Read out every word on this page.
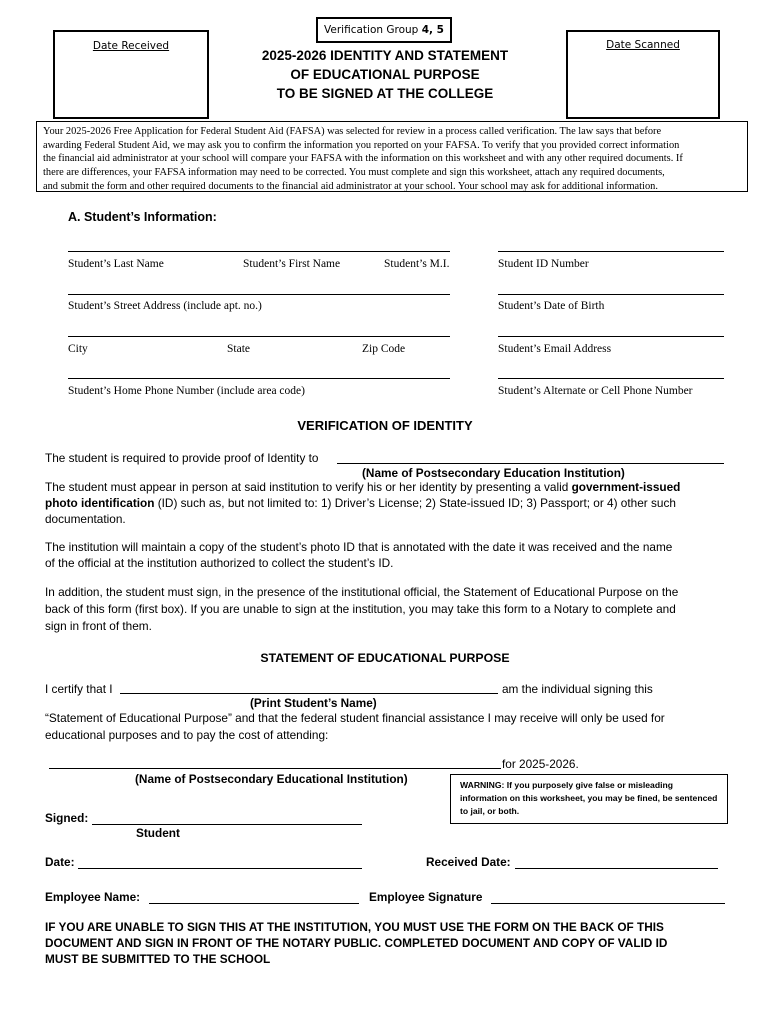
Verification Group 4, 5
Date Received	Date Scanned
2025-2026 IDENTITY AND STATEMENT
OF EDUCATIONAL PURPOSE
TO BE SIGNED AT THE COLLEGE
Your 2025-2026 Free Application for Federal Student Aid (FAFSA) was selected for review in a process called verification. The law says that before
awarding Federal Student Aid, we may ask you to confirm the information you reported on your FAFSA. To verify that you provided correct information
the financial aid administrator at your school will compare your FAFSA with the information on this worksheet and with any other required documents. If
there are differences, your FAFSA information may need to be corrected. You must complete and sign this worksheet, attach any required documents,
and submit the form and other required documents to the financial aid administrator at your school. Your school may ask for additional information.
A. Student’s Information:
Student’s Last Name	Student’s First Name	Student’s M.I.	Student ID Number
Student’s Street Address (include apt. no.)	Student’s Date of Birth
City	State	Zip Code	Student’s Email Address
Student’s Home Phone Number (include area code)	Student’s Alternate or Cell Phone Number
VERIFICATION OF IDENTITY
The student is required to provide proof of Identity to
(Name of Postsecondary Education Institution)
The student must appear in person at said institution to verify his or her identity by presenting a valid government-issued
photo identification (ID) such as, but not limited to: 1) Driver’s License; 2) State-issued ID; 3) Passport; or 4) other such
documentation.
The institution will maintain a copy of the student’s photo ID that is annotated with the date it was received and the name
of the official at the institution authorized to collect the student’s ID.
In addition, the student must sign, in the presence of the institutional official, the Statement of Educational Purpose on the
back of this form (first box). If you are unable to sign at the institution, you may take this form to a Notary to complete and
sign in front of them.
STATEMENT OF EDUCATIONAL PURPOSE
I certify that I	am the individual signing this
(Print Student’s Name)
“Statement of Educational Purpose” and that the federal student financial assistance I may receive will only be used for
educational purposes and to pay the cost of attending:
for 2025-2026.
(Name of Postsecondary Educational Institution)	WARNING: If you purposely give false or misleading information on this worksheet, you may be fined, be sentenced to jail, or both.
Signed:
Student
Date:	Received Date:
Employee Name:	Employee Signature
IF YOU ARE UNABLE TO SIGN THIS AT THE INSTITUTION, YOU MUST USE THE FORM ON THE BACK OF THIS
DOCUMENT AND SIGN IN FRONT OF THE NOTARY PUBLIC. COMPLETED DOCUMENT AND COPY OF VALID ID
MUST BE SUBMITTED TO THE SCHOOL
